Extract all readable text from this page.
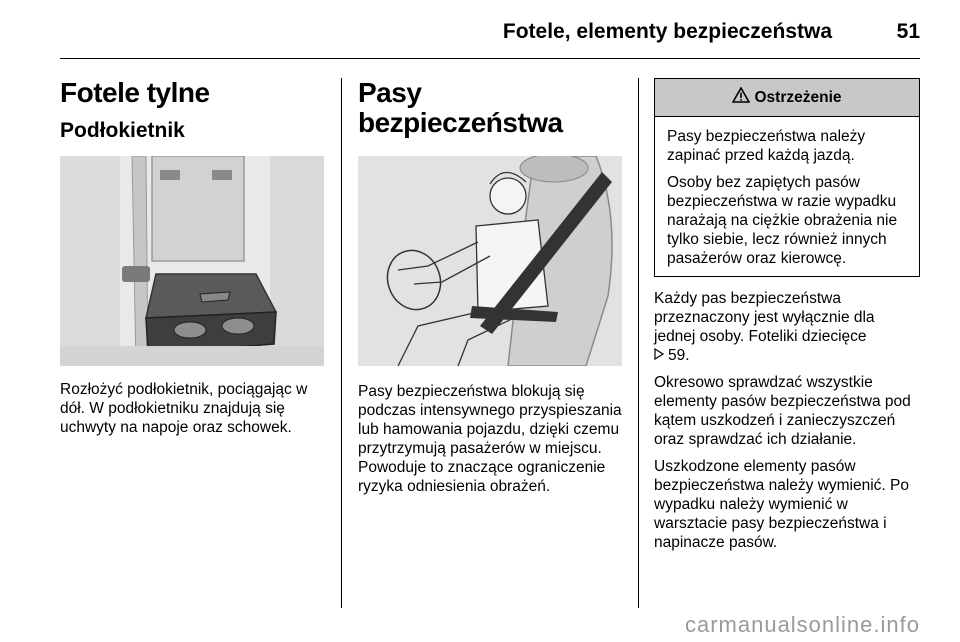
Fotele, elementy bezpieczeństwa	51
Fotele tylne
Podłokietnik
Rozłożyć podłokietnik, pociągając w dół. W podłokietniku znajdują się uchwyty na napoje oraz schowek.
Pasy bezpieczeństwa
Pasy bezpieczeństwa blokują się podczas intensywnego przyspieszania lub hamowania pojazdu, dzięki czemu przytrzymują pasażerów w miejscu. Powoduje to znaczące ograniczenie ryzyka odniesienia obrażeń.
Ostrzeżenie
Pasy bezpieczeństwa należy zapinać przed każdą jazdą.
Osoby bez zapiętych pasów bezpieczeństwa w razie wypadku narażają na ciężkie obrażenia nie tylko siebie, lecz również innych pasażerów oraz kierowcę.
Każdy pas bezpieczeństwa przeznaczony jest wyłącznie dla jednej osoby. Foteliki dziecięce
59.
Okresowo sprawdzać wszystkie elementy pasów bezpieczeństwa pod kątem uszkodzeń i zanieczyszczeń oraz sprawdzać ich działanie.
Uszkodzone elementy pasów bezpieczeństwa należy wymienić. Po wypadku należy wymienić w warsztacie pasy bezpieczeństwa i napinacze pasów.
carmanualsonline.info
